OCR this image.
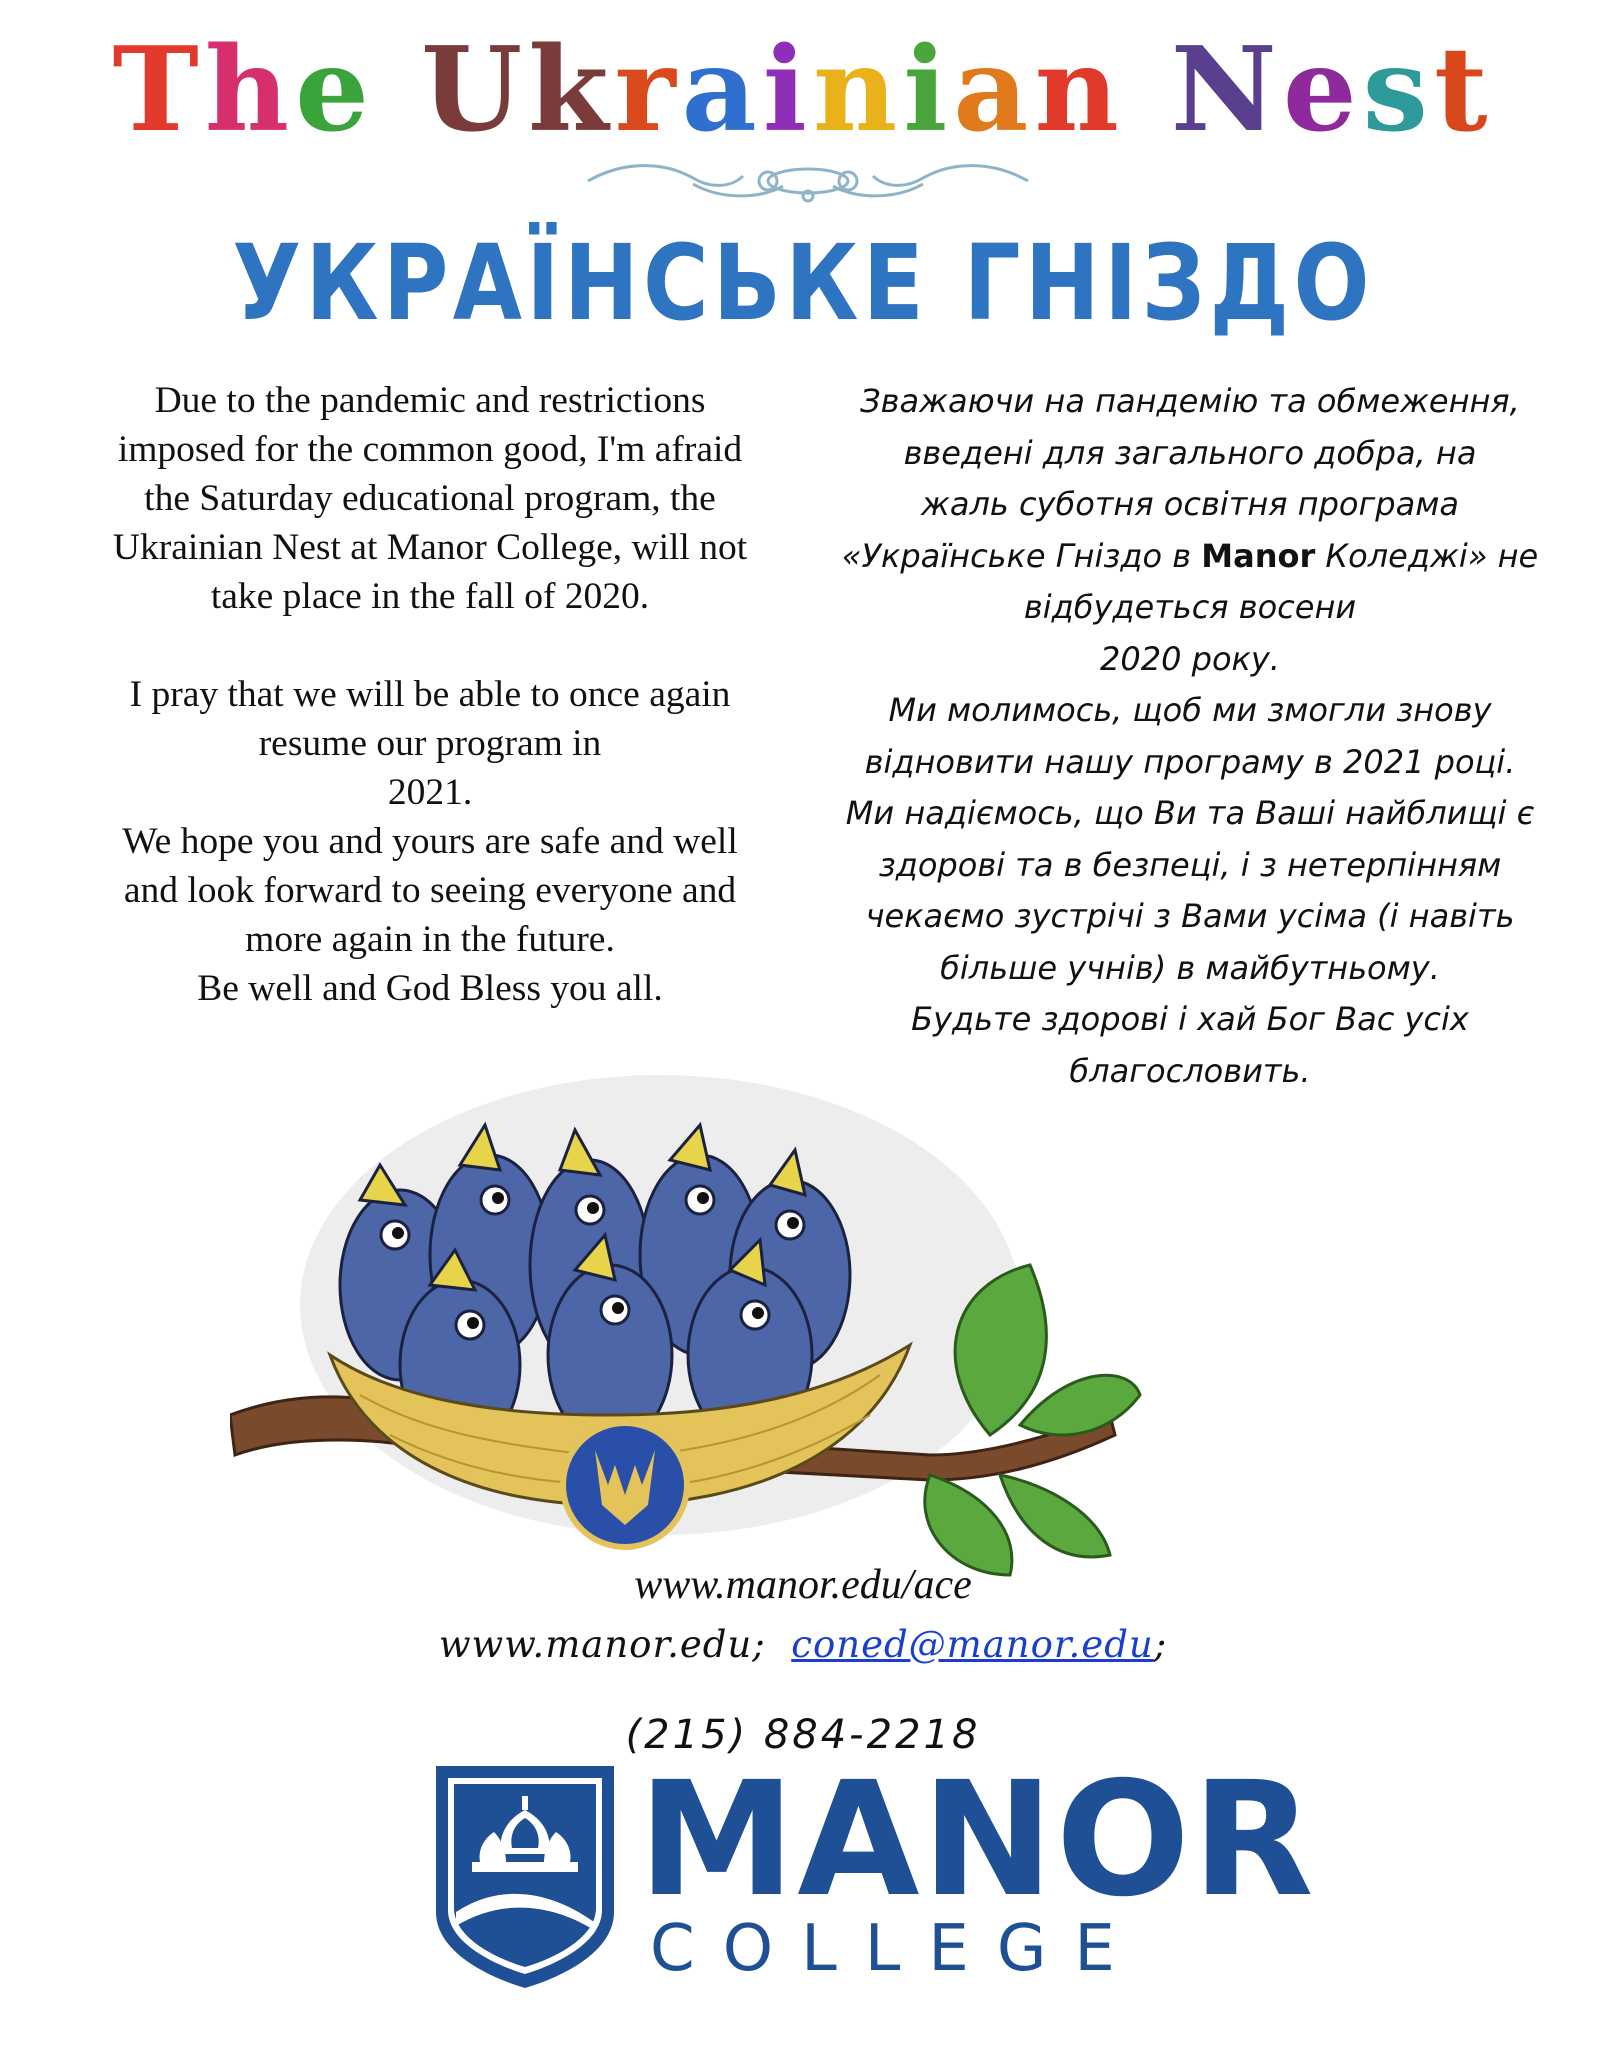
The Ukrainian Nest
УКРАЇНСЬКЕ ГНІЗДО
Due to the pandemic and restrictions
imposed for the common good, I'm afraid
the Saturday educational program, the
Ukrainian Nest at Manor College, will not
take place in the fall of 2020.

I pray that we will be able to once again
resume our program in
2021.
We hope you and yours are safe and well
and look forward to seeing everyone and
more again in the future.
Be well and God Bless you all.
Зважаючи на пандемію та обмеження,
введені для загального добра, на
жаль суботня освітня програма
«Українське Гніздо в Manor Коледжі» не
відбудеться восени
2020 року.
Ми молимось, щоб ми змогли знову
відновити нашу програму в 2021 році.
Ми надіємось, що Ви та Ваші найблищі є
здорові та в безпеці, і з нетерпінням
чекаємо зустрічі з Вами усіма (і навіть
більше учнів) в майбутньому.
Будьте здорові і хай Бог Вас усіх
благословить.
www.manor.edu/ace
www.manor.edu; coned@manor.edu;
(215) 884-2218
MANOR
COLLEGE
